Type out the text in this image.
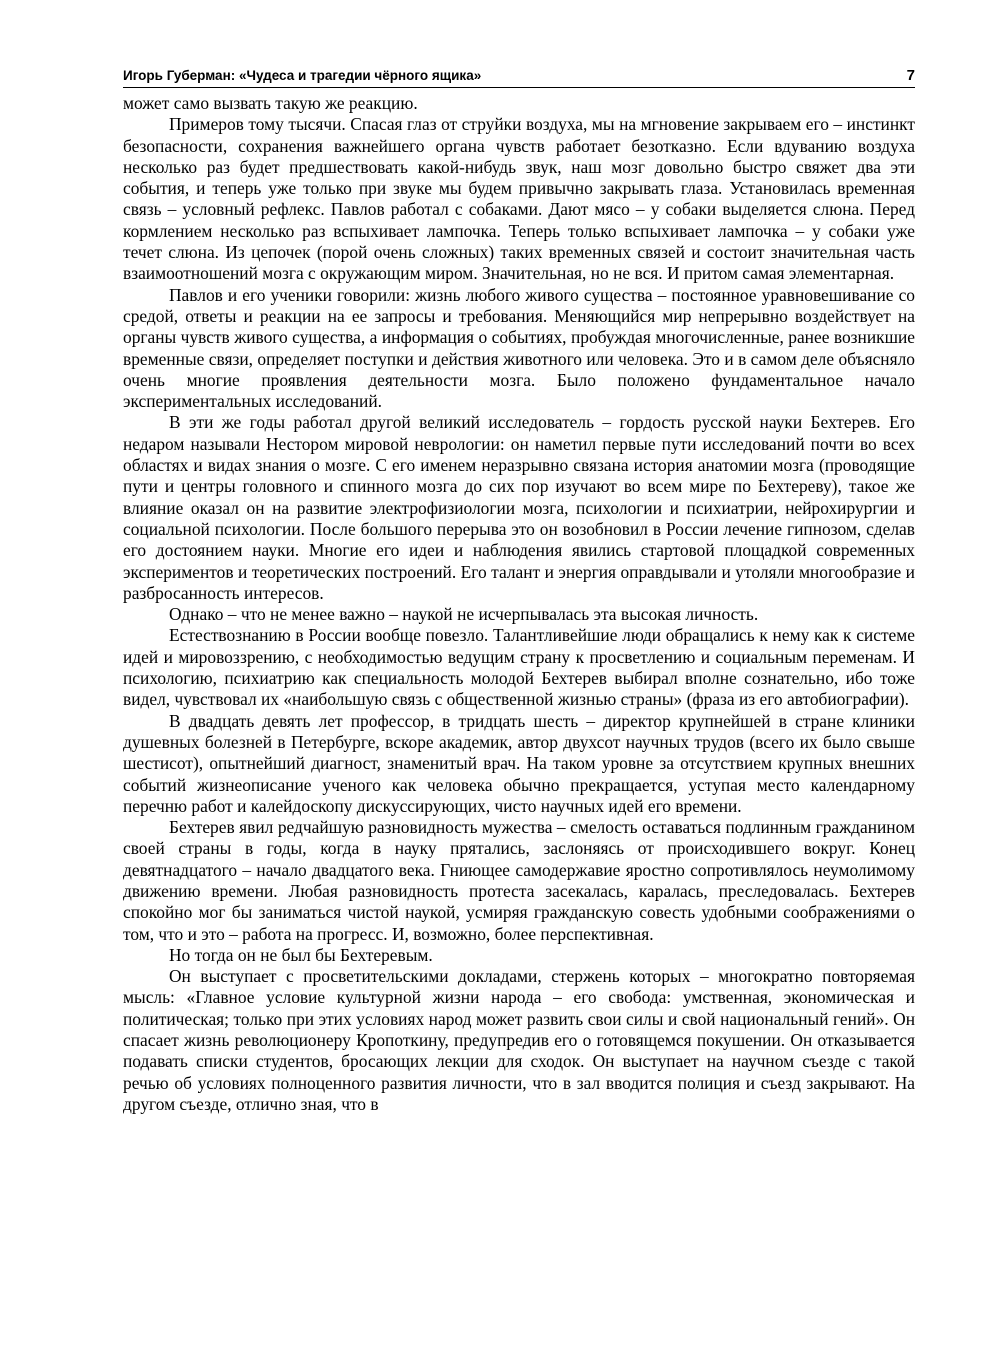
Игорь Губерман: «Чудеса и трагедии чёрного ящика»	7

может само вызвать такую же реакцию.

Примеров тому тысячи. Спасая глаз от струйки воздуха, мы на мгновение закрываем его – инстинкт безопасности, сохранения важнейшего органа чувств работает безотказно. Если вдуванию воздуха несколько раз будет предшествовать какой-нибудь звук, наш мозг довольно быстро свяжет два эти события, и теперь уже только при звуке мы будем привычно закрывать глаза. Установилась временная связь – условный рефлекс. Павлов работал с собаками. Дают мясо – у собаки выделяется слюна. Перед кормлением несколько раз вспыхивает лампочка. Теперь только вспыхивает лампочка – у собаки уже течет слюна. Из цепочек (порой очень сложных) таких временных связей и состоит значительная часть взаимоотношений мозга с окружающим миром. Значительная, но не вся. И притом самая элементарная.

Павлов и его ученики говорили: жизнь любого живого существа – постоянное уравновешивание со средой, ответы и реакции на ее запросы и требования. Меняющийся мир непрерывно воздействует на органы чувств живого существа, а информация о событиях, пробуждая многочисленные, ранее возникшие временные связи, определяет поступки и действия животного или человека. Это и в самом деле объясняло очень многие проявления деятельности мозга. Было положено фундаментальное начало экспериментальных исследований.

В эти же годы работал другой великий исследователь – гордость русской науки Бехтерев. Его недаром называли Нестором мировой неврологии: он наметил первые пути исследований почти во всех областях и видах знания о мозге. С его именем неразрывно связана история анатомии мозга (проводящие пути и центры головного и спинного мозга до сих пор изучают во всем мире по Бехтереву), такое же влияние оказал он на развитие электрофизиологии мозга, психологии и психиатрии, нейрохирургии и социальной психологии. После большого перерыва это он возобновил в России лечение гипнозом, сделав его достоянием науки. Многие его идеи и наблюдения явились стартовой площадкой современных экспериментов и теоретических построений. Его талант и энергия оправдывали и утоляли многообразие и разбросанность интересов.

Однако – что не менее важно – наукой не исчерпывалась эта высокая личность.

Естествознанию в России вообще повезло. Талантливейшие люди обращались к нему как к системе идей и мировоззрению, с необходимостью ведущим страну к просветлению и социальным переменам. И психологию, психиатрию как специальность молодой Бехтерев выбирал вполне сознательно, ибо тоже видел, чувствовал их «наибольшую связь с общественной жизнью страны» (фраза из его автобиографии).

В двадцать девять лет профессор, в тридцать шесть – директор крупнейшей в стране клиники душевных болезней в Петербурге, вскоре академик, автор двухсот научных трудов (всего их было свыше шестисот), опытнейший диагност, знаменитый врач. На таком уровне за отсутствием крупных внешних событий жизнеописание ученого как человека обычно прекращается, уступая место календарному перечню работ и калейдоскопу дискуссирующих, чисто научных идей его времени.

Бехтерев явил редчайшую разновидность мужества – смелость оставаться подлинным гражданином своей страны в годы, когда в науку прятались, заслоняясь от происходившего вокруг. Конец девятнадцатого – начало двадцатого века. Гниющее самодержавие яростно сопротивлялось неумолимому движению времени. Любая разновидность протеста засекалась, каралась, преследовалась. Бехтерев спокойно мог бы заниматься чистой наукой, усмиряя гражданскую совесть удобными соображениями о том, что и это – работа на прогресс. И, возможно, более перспективная.

Но тогда он не был бы Бехтеревым.

Он выступает с просветительскими докладами, стержень которых – многократно повторяемая мысль: «Главное условие культурной жизни народа – его свобода: умственная, экономическая и политическая; только при этих условиях народ может развить свои силы и свой национальный гений». Он спасает жизнь революционеру Кропоткину, предупредив его о готовящемся покушении. Он отказывается подавать списки студентов, бросающих лекции для сходок. Он выступает на научном съезде с такой речью об условиях полноценного развития личности, что в зал вводится полиция и съезд закрывают. На другом съезде, отлично зная, что в
